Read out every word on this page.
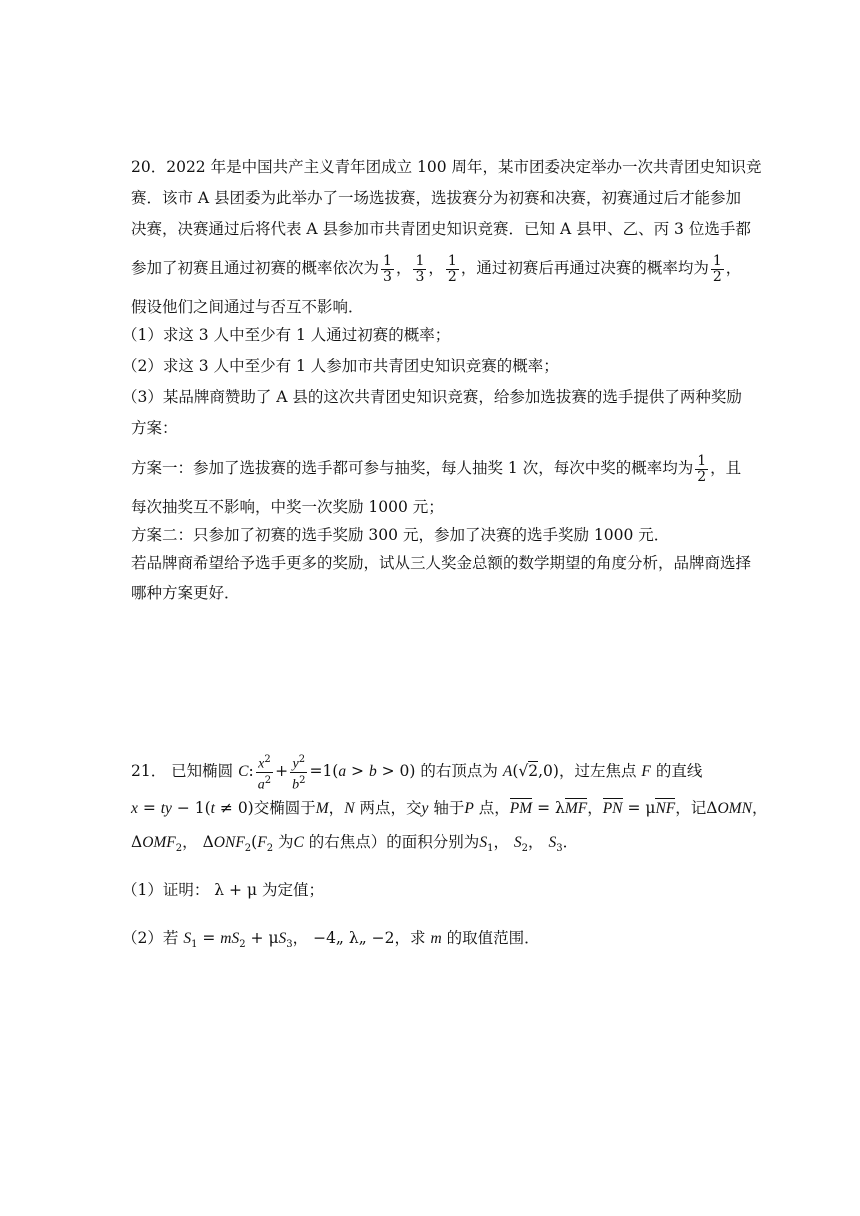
20．2022 年是中国共产主义青年团成立 100 周年，某市团委决定举办一次共青团史知识竞
赛．该市 A 县团委为此举办了一场选拔赛，选拔赛分为初赛和决赛，初赛通过后才能参加
决赛，决赛通过后将代表 A 县参加市共青团史知识竞赛．已知 A 县甲、乙、丙 3 位选手都
参加了初赛且通过初赛的概率依次为 $\frac{1}{3}$ ， $\frac{1}{3}$ ， $\frac{1}{2}$ ，通过初赛后再通过决赛的概率均为 $\frac{1}{2}$ ，
假设他们之间通过与否互不影响．
（1）求这 3 人中至少有 1 人通过初赛的概率；
（2）求这 3 人中至少有 1 人参加市共青团史知识竞赛的概率；
（3）某品牌商赞助了 A 县的这次共青团史知识竞赛，给参加选拔赛的选手提供了两种奖励
方案：
方案一：参加了选拔赛的选手都可参与抽奖，每人抽奖 1 次，每次中奖的概率均为 $\frac{1}{2}$ ，且
每次抽奖互不影响，中奖一次奖励 1000 元；
方案二：只参加了初赛的选手奖励 300 元，参加了决赛的选手奖励 1000 元．
若品牌商希望给予选手更多的奖励，试从三人奖金总额的数学期望的角度分析，品牌商选择
哪种方案更好．
21． 已知椭圆 C: $\frac{x^2}{a^2} + \frac{y^2}{b^2} =1(a > b > 0)$ 的右顶点为 A(√2,0)，过左焦点 F 的直线
x = ty − 1(t ≠ 0)交椭圆于M，N 两点，交y 轴于P 点，PM = λMF，PN = μNF，记ΔOMN，
$\Delta OMF_2$， $\Delta ONF_2(F_2$ 为C 的右焦点）的面积分别为$S_1$， $S_2$， $S_3$．
（1）证明： λ + μ 为定值；
（2）若 $S_1 = mS_2 + \mu S_3$， −4„ λ„ −2，求 m 的取值范围．
